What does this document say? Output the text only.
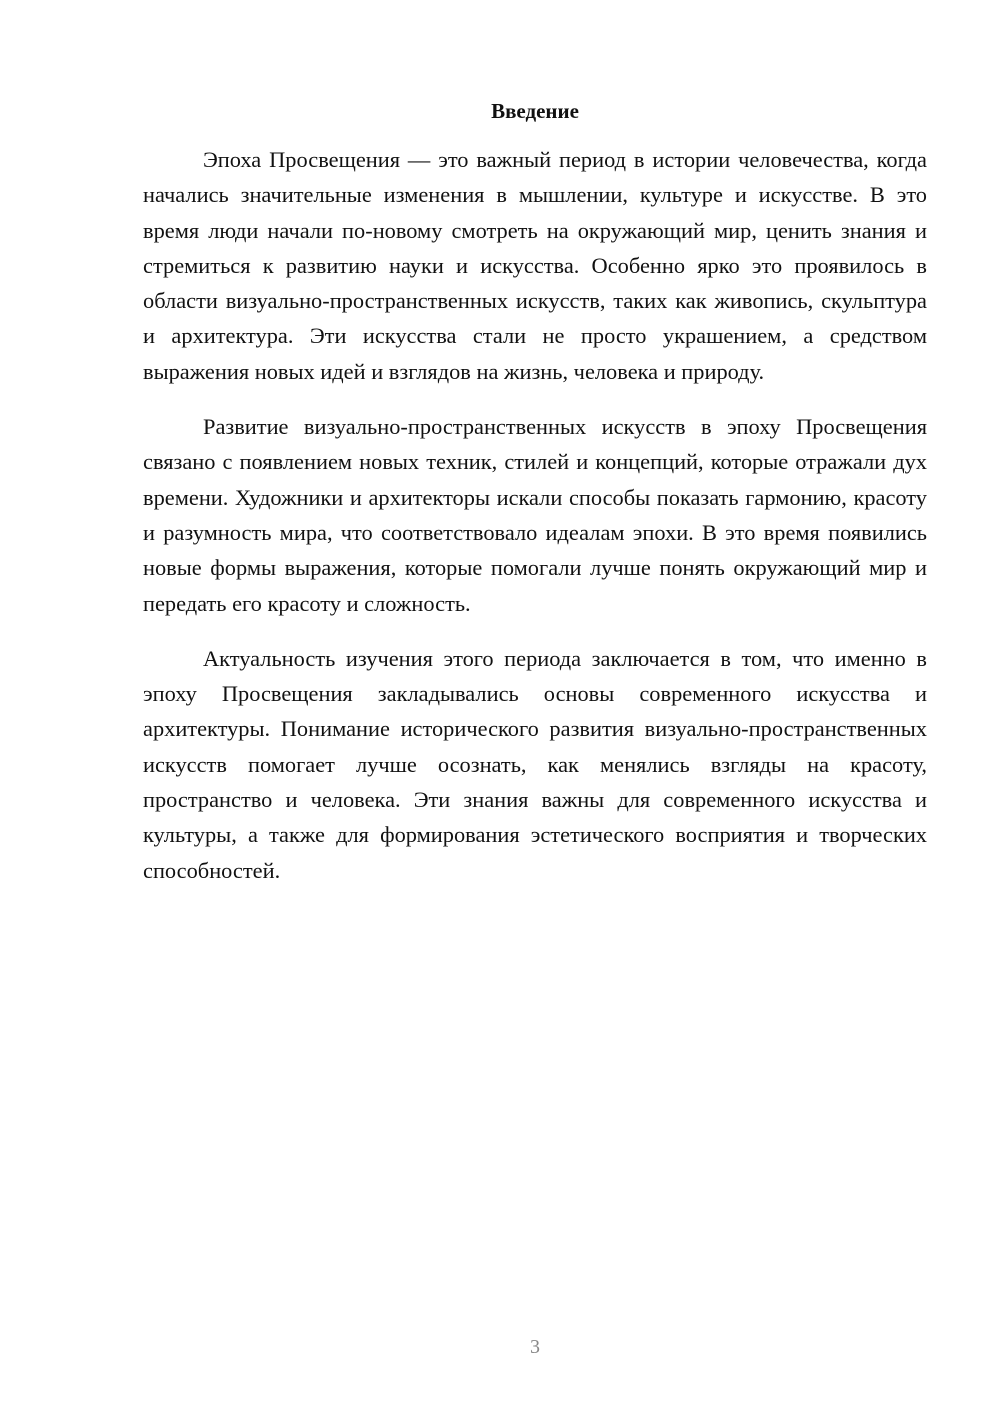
Введение

Эпоха Просвещения — это важный период в истории человечества, когда начались значительные изменения в мышлении, культуре и искусстве. В это время люди начали по-новому смотреть на окружающий мир, ценить знания и стремиться к развитию науки и искусства. Особенно ярко это проявилось в области визуально-пространственных искусств, таких как живопись, скульптура и архитектура. Эти искусства стали не просто украшением, а средством выражения новых идей и взглядов на жизнь, человека и природу.

Развитие визуально-пространственных искусств в эпоху Просвещения связано с появлением новых техник, стилей и концепций, которые отражали дух времени. Художники и архитекторы искали способы показать гармонию, красоту и разумность мира, что соответствовало идеалам эпохи. В это время появились новые формы выражения, которые помогали лучше понять окружающий мир и передать его красоту и сложность.

Актуальность изучения этого периода заключается в том, что именно в эпоху Просвещения закладывались основы современного искусства и архитектуры. Понимание исторического развития визуально-пространственных искусств помогает лучше осознать, как менялись взгляды на красоту, пространство и человека. Эти знания важны для современного искусства и культуры, а также для формирования эстетического восприятия и творческих способностей.

3
